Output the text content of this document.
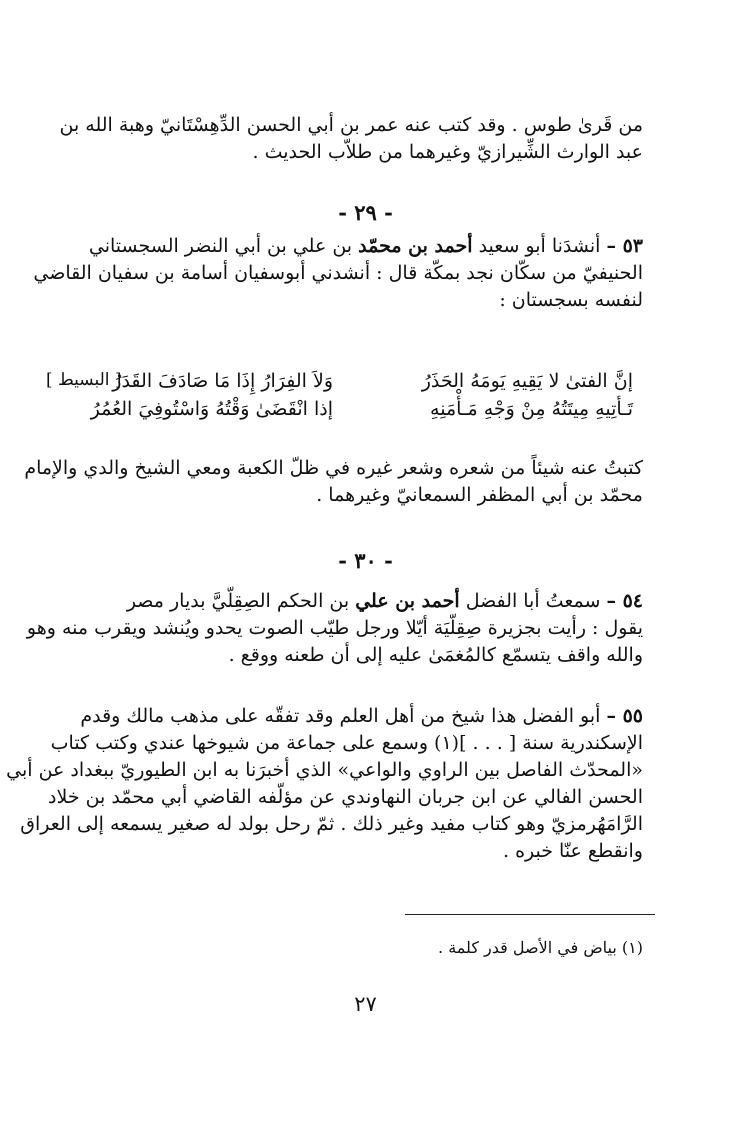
من قَرىٰ طوس . وقد كتب عنه عمر بن أبي الحسن الدِّهِسْتَانيّ وهبة الله بن
عبد الوارث الشِّيرازيّ وغيرهما من طلاّب الحديث .
- ٢٩ -
٥٣ – أنشدَنا أبو سعيد أحمد بن محمّد بن علي بن أبي النضر السجستاني
الحنيفيّ من سكّان نجد بمكّة قال : أنشدني أبوسفيان أسامة بن سفيان القاضي
لنفسه بسجستان :
[ البسيط ]	إنَّ الفتىٰ لا يَقِيهِ يَومَهُ الحَذَرُ
وَلاَ الفِرَارُ إِذَا مَا صَادَفَ القَدَرُ
تَـأتِيهِ مِيتَتُهُ مِنْ وَجْهِ مَـأْمَنِهِ
إذا انْقَضَىٰ وَقْتُهُ وَاسْتُوفِيَ العُمُرُ
كتبتُ عنه شيئاً من شعره وشعر غيره في ظلّ الكعبة ومعي الشيخ والدي والإمام
محمّد بن أبي المظفر السمعانيّ وغيرهما .
- ٣٠ -
٥٤ – سمعتُ أبا الفضل أحمد بن علي بن الحكم الصِقِلّيَّ بديار مصر
يقول : رأيت بجزيرة صِقِلّيَة أيّلا ورجل طيّب الصوت يحدو ويُنشد ويقرب منه وهو
والله واقف يتسمّع كالمُغمَىٰ عليه إلى أن طعنه ووقع .
٥٥ – أبو الفضل هذا شيخ من أهل العلم وقد تفقّه على مذهب مالك وقدم
الإسكندرية سنة [ . . . ](١) وسمع على جماعة من شيوخها عندي وكتب كتاب
«المحدّث الفاصل بين الراوي والواعي» الذي أخبرَنا به ابن الطيوريّ ببغداد عن أبي
الحسن الفالي عن ابن جربان النهاوندي عن مؤلّفه القاضي أبي محمّد بن خلاد
الرَّامَهُرمزيّ وهو كتاب مفيد وغير ذلك . ثمّ رحل بولد له صغير يسمعه إلى العراق
وانقطع عنّا خبره .
(١) بياض في الأصل قدر كلمة .
٢٧
